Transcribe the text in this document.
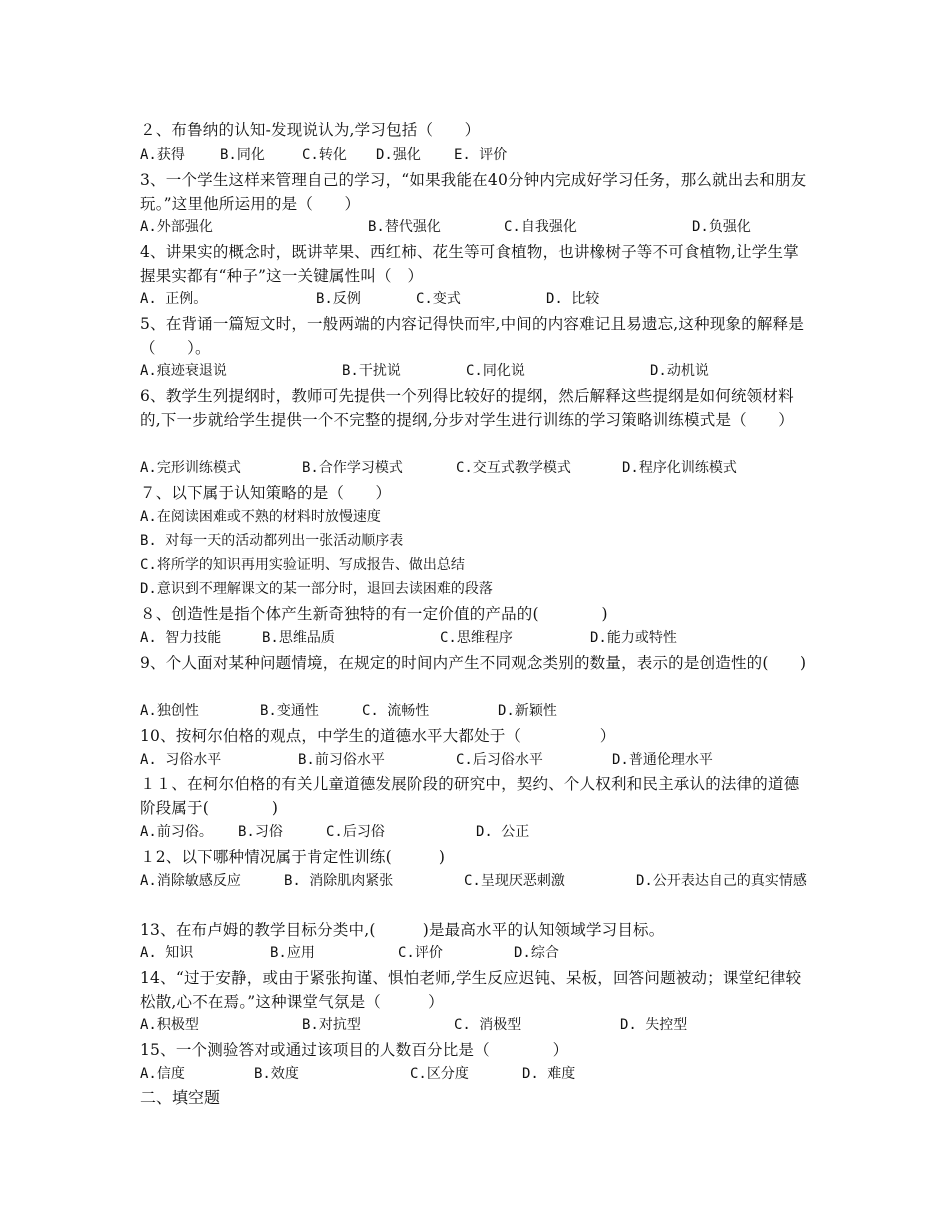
２、布鲁纳的认知-发现说认为,学习包括（　　）
A.获得	B.同化	C.转化 D.强化 E. 评价
3、一个学生这样来管理自己的学习，“如果我能在40分钟内完成好学习任务，那么就出去和朋友玩。”这里他所运用的是（　　）
A.外部强化	B.替代强化	C.自我强化	D.负强化
4、讲果实的概念时，既讲苹果、西红柿、花生等可食植物，也讲橡树子等不可食植物,让学生掌握果实都有“种子”这一关键属性叫（　）
A. 正例。	B.反例	C.变式	D. 比较
5、在背诵一篇短文时，一般两端的内容记得快而牢,中间的内容难记且易遗忘,这种现象的解释是（　　）。
A.痕迹衰退说	B.干扰说	C.同化说	D.动机说
6、教学生列提纲时，教师可先提供一个列得比较好的提纲，然后解释这些提纲是如何统领材料的,下一步就给学生提供一个不完整的提纲,分步对学生进行训练的学习策略训练模式是（　　）
A.完形训练模式	B.合作学习模式	C.交互式教学模式	D.程序化训练模式
７、以下属于认知策略的是（　　）
A.在阅读困难或不熟的材料时放慢速度
B. 对每一天的活动都列出一张活动顺序表
C.将所学的知识再用实验证明、写成报告、做出总结
D.意识到不理解课文的某一部分时，退回去读困难的段落
８、创造性是指个体产生新奇独特的有一定价值的产品的(　　　　)
A. 智力技能	B.思维品质	C.思维程序	D.能力或特性
9、个人面对某种问题情境，在规定的时间内产生不同观念类别的数量，表示的是创造性的(　　)
A.独创性	B.变通性	C. 流畅性	D.新颖性
10、按柯尔伯格的观点，中学生的道德水平大都处于（　　　　　）
A. 习俗水平	B.前习俗水平	C.后习俗水平	D.普通伦理水平
１１、在柯尔伯格的有关儿童道德发展阶段的研究中，契约、个人权利和民主承认的法律的道德阶段属于(　　　　)
A.前习俗。 B.习俗	C.后习俗	D. 公正
１2、以下哪种情况属于肯定性训练(　　　)
A.消除敏感反应	B. 消除肌肉紧张	C.呈现厌恶刺激	D.公开表达自己的真实情感
13、在布卢姆的教学目标分类中,(　　　)是最高水平的认知领域学习目标。
A. 知识	B.应用	C.评价	D.综合
14、“过于安静，或由于紧张拘谨、惧怕老师,学生反应迟钝、呆板，回答问题被动；课堂纪律较松散,心不在焉。”这种课堂气氛是（　　　）
A.积极型	B.对抗型	C. 消极型	D. 失控型
15、一个测验答对或通过该项目的人数百分比是（　　　　）
A.信度	B.效度	C.区分度	D. 难度
二、填空题
